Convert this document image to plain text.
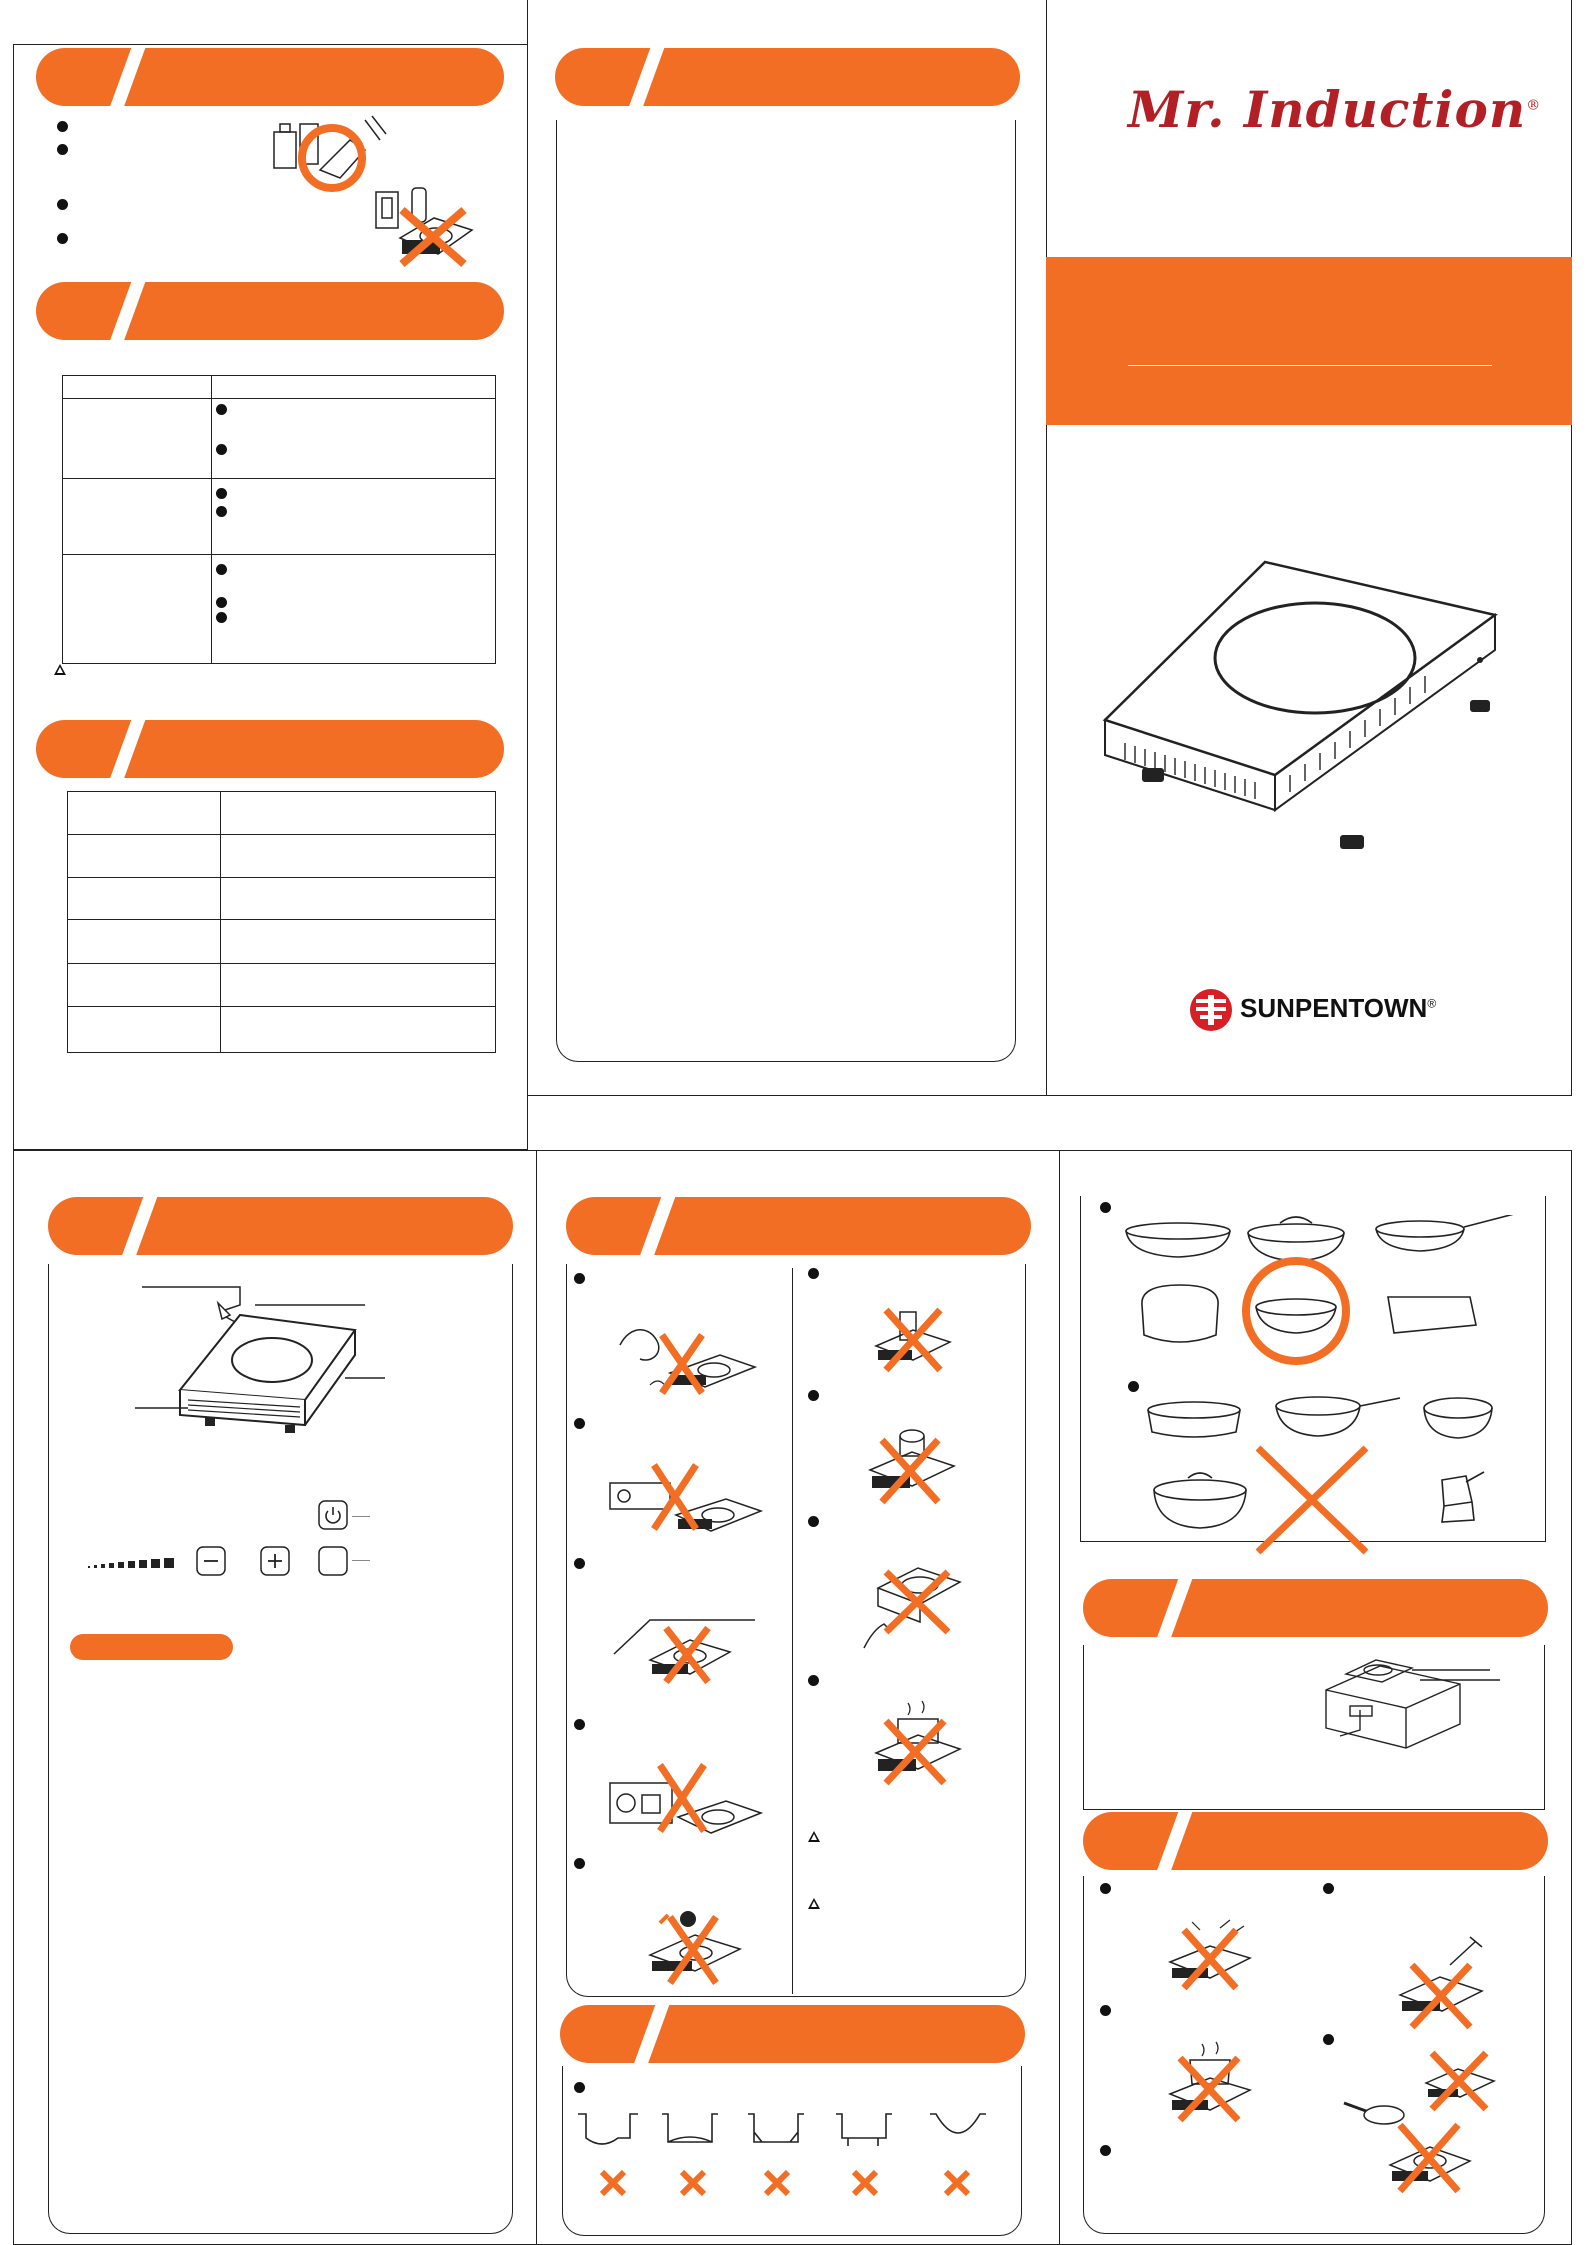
Mr. Induction®
SUNPENTOWN®
